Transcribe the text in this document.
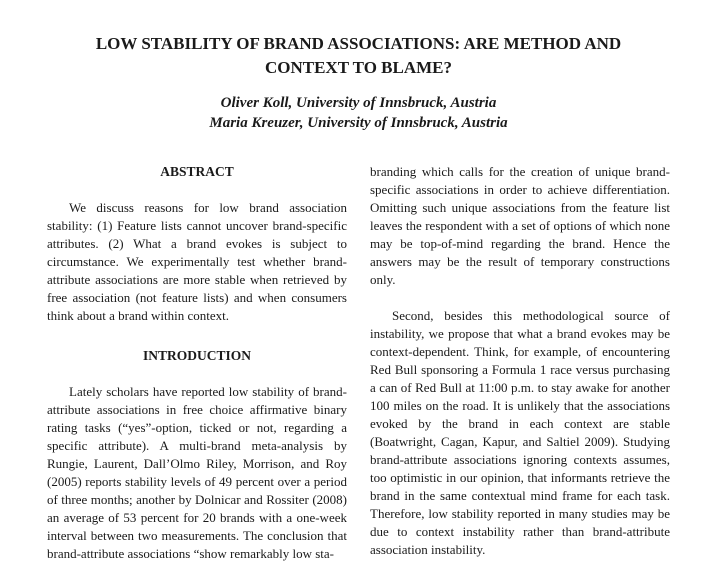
LOW STABILITY OF BRAND ASSOCIATIONS: ARE METHOD AND CONTEXT TO BLAME?
Oliver Koll, University of Innsbruck, Austria
Maria Kreuzer, University of Innsbruck, Austria
ABSTRACT

We discuss reasons for low brand association stability: (1) Feature lists cannot uncover brand-specific attributes. (2) What a brand evokes is subject to circumstance. We experimentally test whether brand-attribute associations are more stable when retrieved by free association (not feature lists) and when consumers think about a brand within context.

INTRODUCTION

Lately scholars have reported low stability of brand-attribute associations in free choice affirmative binary rating tasks (“yes”-option, ticked or not, regarding a specific attribute). A multi-brand meta-analysis by Rungie, Laurent, Dall’Olmo Riley, Morrison, and Roy (2005) reports stability levels of 49 percent over a period of three months; another by Dolnicar and Rossiter (2008) an average of 53 percent for 20 brands with a one-week interval between two measurements. The conclusion that brand-attribute associations “show remarkably low sta-

branding which calls for the creation of unique brand-specific associations in order to achieve differentiation. Omitting such unique associations from the feature list leaves the respondent with a set of options of which none may be top-of-mind regarding the brand. Hence the answers may be the result of temporary constructions only.

Second, besides this methodological source of instability, we propose that what a brand evokes may be context-dependent. Think, for example, of encountering Red Bull sponsoring a Formula 1 race versus purchasing a can of Red Bull at 11:00 p.m. to stay awake for another 100 miles on the road. It is unlikely that the associations evoked by the brand in each context are stable (Boatwright, Cagan, Kapur, and Saltiel 2009). Studying brand-attribute associations ignoring contexts assumes, too optimistic in our opinion, that informants retrieve the brand in the same contextual mind frame for each task. Therefore, low stability reported in many studies may be due to context instability rather than brand-attribute association instability.
